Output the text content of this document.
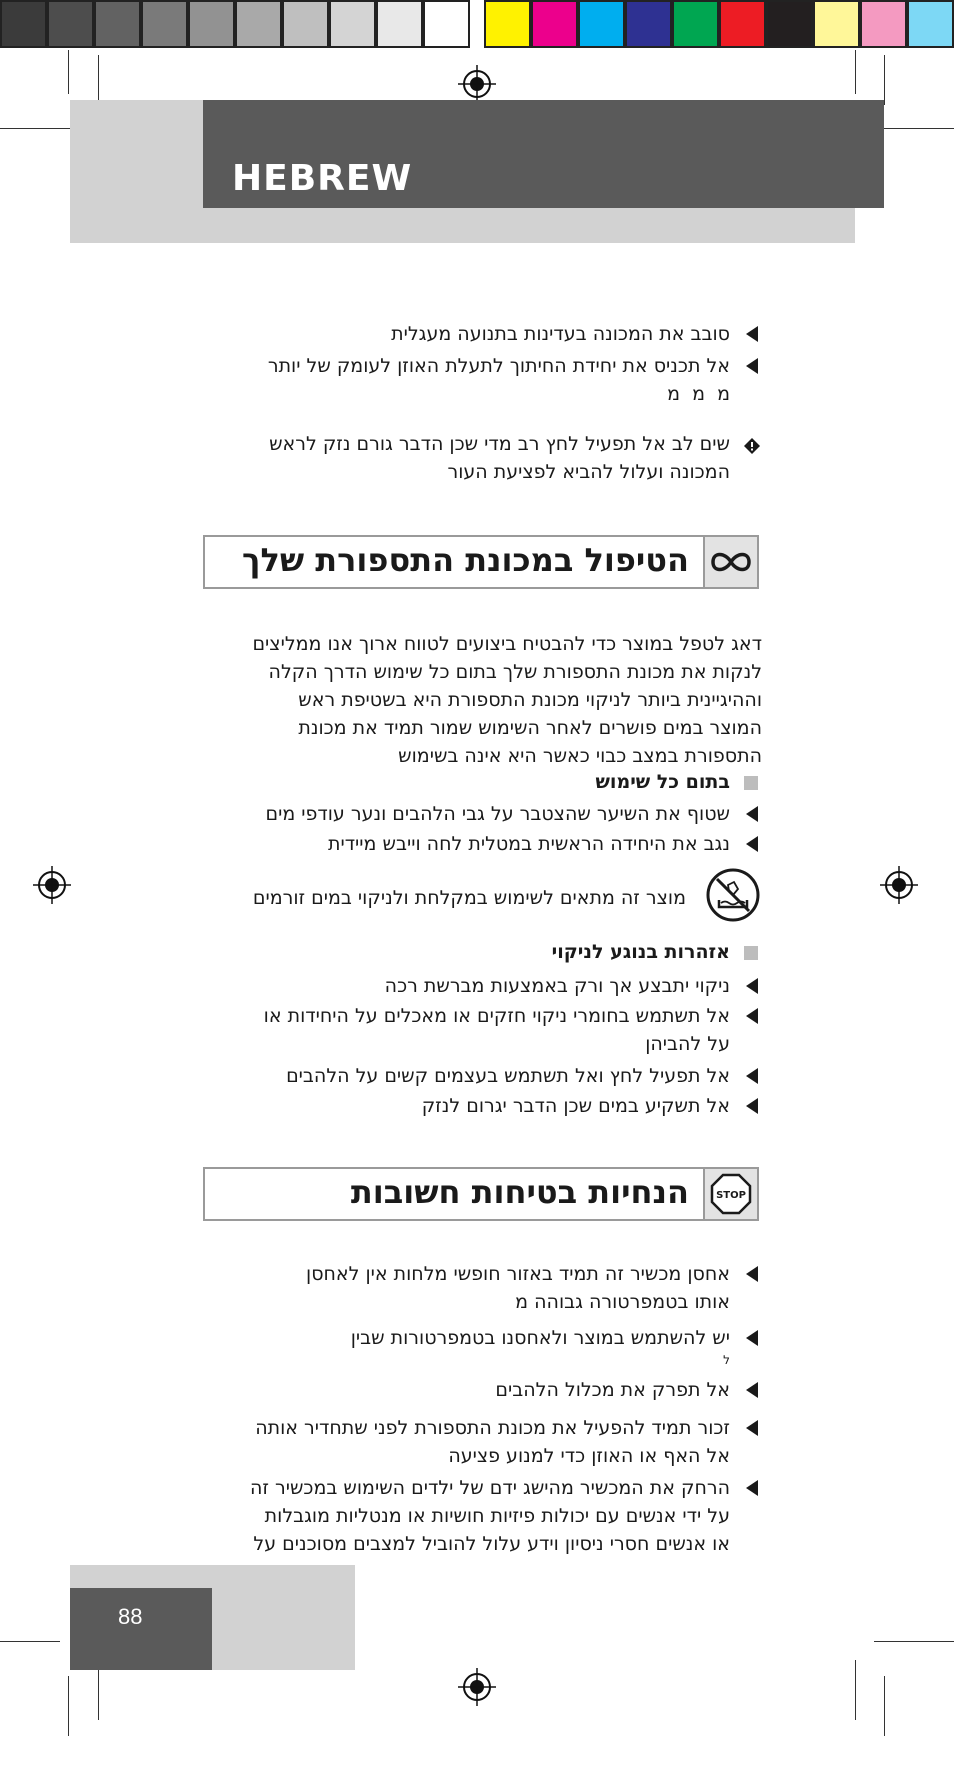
HEBREW
סובב את המכונה בעדינות בתנועה מעגלית
אל תכניס את יחידת החיתוך לתעלת האוזן לעומק של יותר
מ  מ  מ
שים לב אל תפעיל לחץ רב מדי שכן הדבר גורם נזק לראש
המכונה ועלול להביא לפציעת העור
הטיפול במכונת התספורת שלך
דאג לטפל במוצר כדי להבטיח ביצועים לטווח ארוך אנו ממליצים
לנקות את מכונת התספורת שלך בתום כל שימוש הדרך הקלה
וההיגיינית ביותר לניקוי מכונת התספורת היא בשטיפת ראש
המוצר במים פושרים לאחר השימוש שמור תמיד את מכונת
התספורת במצב כבוי כאשר היא אינה בשימוש
בתום כל שימוש
שטוף את השיער שהצטבר על גבי הלהבים ונער עודפי מים
נגב את היחידה הראשית במטלית לחה וייבש מיידית
מוצר זה מתאים לשימוש במקלחת ולניקוי במים זורמים
אזהרות בנוגע לניקוי
ניקוי יתבצע אך ורק באמצעות מברשת רכה
אל תשתמש בחומרי ניקוי חזקים או מאכלים על היחידות או
על להביהן
אל תפעיל לחץ ואל תשתמש בעצמים קשים על הלהבים
אל תשקיע במים שכן הדבר יגרום לנזק
STOP
הנחיות בטיחות חשובות
אחסן מכשיר זה תמיד באזור חופשי מלחות אין לאחסן
אותו בטמפרטורה גבוהה מ
יש להשתמש במוצר ולאחסנו בטמפרטורות שבין
ל
אל תפרק את מכלול הלהבים
זכור תמיד להפעיל את מכונת התספורת לפני שתחדיר אותה
אל האף או האוזן כדי למנוע פציעה
הרחק את המכשיר מהישג ידם של ילדים השימוש במכשיר זה
על ידי אנשים עם יכולות פיזיות חושיות או מנטליות מוגבלות
או אנשים חסרי ניסיון וידע עלול להוביל למצבים מסוכנים על
88
